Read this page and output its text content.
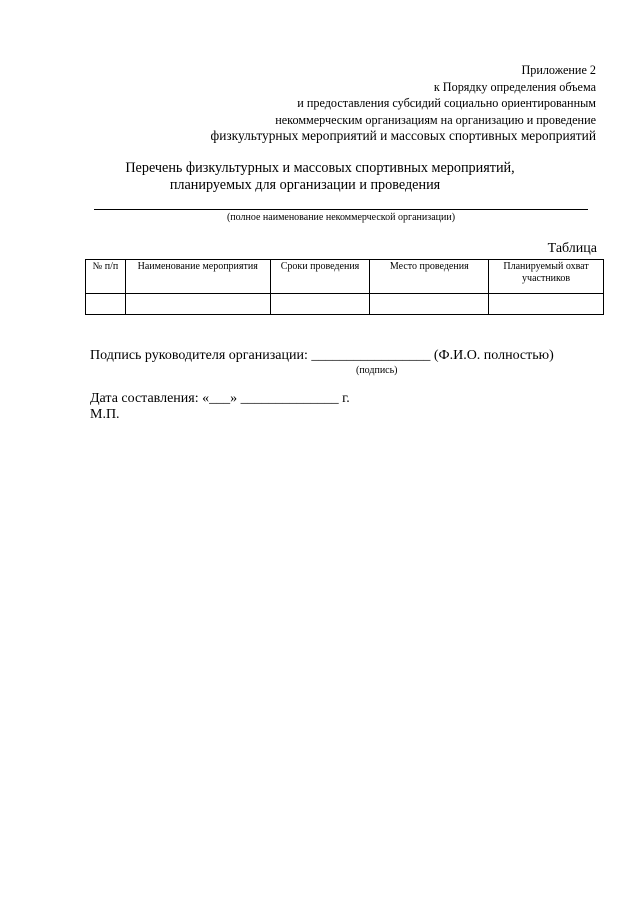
Приложение 2
к Порядку определения объема
и предоставления субсидий социально ориентированным
некоммерческим организациям на организацию и проведение
физкультурных мероприятий и массовых спортивных мероприятий
Перечень физкультурных и массовых спортивных мероприятий,
планируемых для организации и проведения
(полное наименование некоммерческой организации)
Таблица
№ п/п	Наименование мероприятия	Сроки проведения	Место проведения	Планируемый охват участников

Подпись руководителя организации: _________________ (Ф.И.О. полностью)
(подпись)
Дата составления: «___» ______________ г.
М.П.
